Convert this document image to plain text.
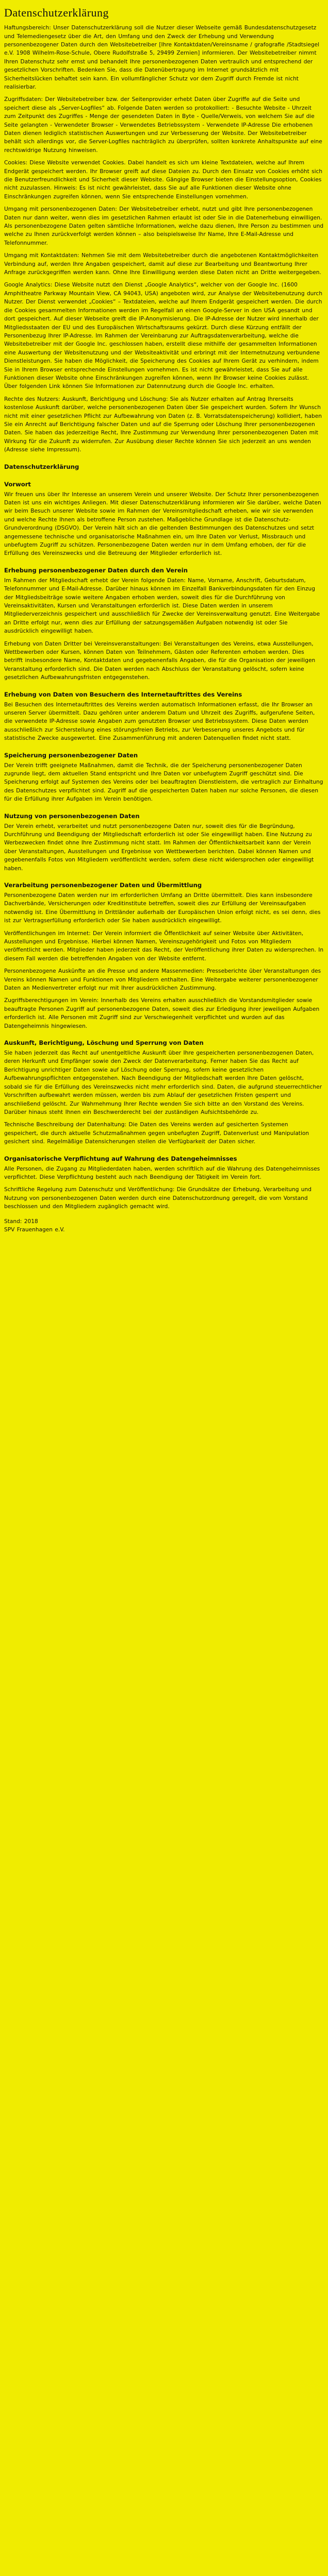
Datenschutzerklärung

Haftungsbereich: Unser Datenschutzerklärung soll die Nutzer dieser Webseite gemäß Bundesdatenschutzgesetz und Telemediengesetz über die Art, den Umfang und den Zweck der Erhebung und Verwendung personenbezogener Daten durch den Websitebetreiber [Ihre Kontaktdaten/Vereinsname / grafografie /Stadtsiegel e.V. 1908 Wilhelm-Rose-Schule, Obere Rudolfstraße 5, 29499 Zernien] informieren. Der Websitebetreiber nimmt Ihren Datenschutz sehr ernst und behandelt Ihre personenbezogenen Daten vertraulich und entsprechend der gesetzlichen Vorschriften. Bedenken Sie, dass die Datenübertragung im Internet grundsätzlich mit Sicherheitslücken behaftet sein kann. Ein vollumfänglicher Schutz vor dem Zugriff durch Fremde ist nicht realisierbar.

Zugriffsdaten: Der Websitebetreiber bzw. der Seitenprovider erhebt Daten über Zugriffe auf die Seite und speichert diese als „Server-Logfiles“ ab. Folgende Daten werden so protokolliert: - Besuchte Website - Uhrzeit zum Zeitpunkt des Zugriffes - Menge der gesendeten Daten in Byte - Quelle/Verweis, von welchem Sie auf die Seite gelangten - Verwendeter Browser - Verwendetes Betriebssystem - Verwendete IP-Adresse Die erhobenen Daten dienen lediglich statistischen Auswertungen und zur Verbesserung der Website. Der Websitebetreiber behält sich allerdings vor, die Server-Logfiles nachträglich zu überprüfen, sollten konkrete Anhaltspunkte auf eine rechtswidrige Nutzung hinweisen.

Cookies: Diese Website verwendet Cookies. Dabei handelt es sich um kleine Textdateien, welche auf Ihrem Endgerät gespeichert werden. Ihr Browser greift auf diese Dateien zu. Durch den Einsatz von Cookies erhöht sich die Benutzerfreundlichkeit und Sicherheit dieser Website. Gängige Browser bieten die Einstellungsoption, Cookies nicht zuzulassen. Hinweis: Es ist nicht gewährleistet, dass Sie auf alle Funktionen dieser Website ohne Einschränkungen zugreifen können, wenn Sie entsprechende Einstellungen vornehmen.

Umgang mit personenbezogenen Daten: Der Websitebetreiber erhebt, nutzt und gibt Ihre personenbezogenen Daten nur dann weiter, wenn dies im gesetzlichen Rahmen erlaubt ist oder Sie in die Datenerhebung einwilligen. Als personenbezogene Daten gelten sämtliche Informationen, welche dazu dienen, Ihre Person zu bestimmen und welche zu Ihnen zurückverfolgt werden können – also beispielsweise Ihr Name, Ihre E-Mail-Adresse und Telefonnummer.

Umgang mit Kontaktdaten: Nehmen Sie mit dem Websitebetreiber durch die angebotenen Kontaktmöglichkeiten Verbindung auf, werden Ihre Angaben gespeichert, damit auf diese zur Bearbeitung und Beantwortung Ihrer Anfrage zurückgegriffen werden kann. Ohne Ihre Einwilligung werden diese Daten nicht an Dritte weitergegeben.

Google Analytics: Diese Website nutzt den Dienst „Google Analytics“, welcher von der Google Inc. (1600 Amphitheatre Parkway Mountain View, CA 94043, USA) angeboten wird, zur Analyse der Websitebenutzung durch Nutzer. Der Dienst verwendet „Cookies“ – Textdateien, welche auf Ihrem Endgerät gespeichert werden. Die durch die Cookies gesammelten Informationen werden im Regelfall an einen Google-Server in den USA gesandt und dort gespeichert. Auf dieser Webseite greift die IP-Anonymisierung. Die IP-Adresse der Nutzer wird innerhalb der Mitgliedsstaaten der EU und des Europäischen Wirtschaftsraums gekürzt. Durch diese Kürzung entfällt der Personenbezug Ihrer IP-Adresse. Im Rahmen der Vereinbarung zur Auftragsdatenverarbeitung, welche die Websitebetreiber mit der Google Inc. geschlossen haben, erstellt diese mithilfe der gesammelten Informationen eine Auswertung der Websitenutzung und der Websiteaktivität und erbringt mit der Internetnutzung verbundene Dienstleistungen. Sie haben die Möglichkeit, die Speicherung des Cookies auf Ihrem Gerät zu verhindern, indem Sie in Ihrem Browser entsprechende Einstellungen vornehmen. Es ist nicht gewährleistet, dass Sie auf alle Funktionen dieser Website ohne Einschränkungen zugreifen können, wenn Ihr Browser keine Cookies zulässt. Über folgenden Link können Sie Informationen zur Datennutzung durch die Google Inc. erhalten.

Rechte des Nutzers: Auskunft, Berichtigung und Löschung: Sie als Nutzer erhalten auf Antrag Ihrerseits kostenlose Auskunft darüber, welche personenbezogenen Daten über Sie gespeichert wurden. Sofern Ihr Wunsch nicht mit einer gesetzlichen Pflicht zur Aufbewahrung von Daten (z. B. Vorratsdatenspeicherung) kollidiert, haben Sie ein Anrecht auf Berichtigung falscher Daten und auf die Sperrung oder Löschung Ihrer personenbezogenen Daten. Sie haben das jederzeitige Recht, Ihre Zustimmung zur Verwendung Ihrer personenbezogenen Daten mit Wirkung für die Zukunft zu widerrufen. Zur Ausübung dieser Rechte können Sie sich jederzeit an uns wenden (Adresse siehe Impressum).

Datenschutzerklärung
Vorwort

Wir freuen uns über Ihr Interesse an unserem Verein und unserer Website. Der Schutz Ihrer personenbezogenen Daten ist uns ein wichtiges Anliegen. Mit dieser Datenschutzerklärung informieren wir Sie darüber, welche Daten wir beim Besuch unserer Website sowie im Rahmen der Vereinsmitgliedschaft erheben, wie wir sie verwenden und welche Rechte Ihnen als betroffene Person zustehen. Maßgebliche Grundlage ist die Datenschutz-Grundverordnung (DSGVO). Der Verein hält sich an die geltenden Bestimmungen des Datenschutzes und setzt angemessene technische und organisatorische Maßnahmen ein, um Ihre Daten vor Verlust, Missbrauch und unbefugtem Zugriff zu schützen. Personenbezogene Daten werden nur in dem Umfang erhoben, der für die Erfüllung des Vereinszwecks und die Betreuung der Mitglieder erforderlich ist.

Erhebung personenbezogener Daten durch den Verein

Im Rahmen der Mitgliedschaft erhebt der Verein folgende Daten: Name, Vorname, Anschrift, Geburtsdatum, Telefonnummer und E-Mail-Adresse. Darüber hinaus können im Einzelfall Bankverbindungsdaten für den Einzug der Mitgliedsbeiträge sowie weitere Angaben erhoben werden, soweit dies für die Durchführung von Vereinsaktivitäten, Kursen und Veranstaltungen erforderlich ist. Diese Daten werden in unserem Mitgliederverzeichnis gespeichert und ausschließlich für Zwecke der Vereinsverwaltung genutzt. Eine Weitergabe an Dritte erfolgt nur, wenn dies zur Erfüllung der satzungsgemäßen Aufgaben notwendig ist oder Sie ausdrücklich eingewilligt haben.

Erhebung von Daten Dritter bei Vereinsveranstaltungen: Bei Veranstaltungen des Vereins, etwa Ausstellungen, Wettbewerben oder Kursen, können Daten von Teilnehmern, Gästen oder Referenten erhoben werden. Dies betrifft insbesondere Name, Kontaktdaten und gegebenenfalls Angaben, die für die Organisation der jeweiligen Veranstaltung erforderlich sind. Die Daten werden nach Abschluss der Veranstaltung gelöscht, sofern keine gesetzlichen Aufbewahrungsfristen entgegenstehen.

Erhebung von Daten von Besuchern des Internetauftrittes des Vereins

Bei Besuchen des Internetauftrittes des Vereins werden automatisch Informationen erfasst, die Ihr Browser an unseren Server übermittelt. Dazu gehören unter anderem Datum und Uhrzeit des Zugriffs, aufgerufene Seiten, die verwendete IP-Adresse sowie Angaben zum genutzten Browser und Betriebssystem. Diese Daten werden ausschließlich zur Sicherstellung eines störungsfreien Betriebs, zur Verbesserung unseres Angebots und für statistische Zwecke ausgewertet. Eine Zusammenführung mit anderen Datenquellen findet nicht statt.

Speicherung personenbezogener Daten

Der Verein trifft geeignete Maßnahmen, damit die Technik, die der Speicherung personenbezogener Daten zugrunde liegt, dem aktuellen Stand entspricht und Ihre Daten vor unbefugtem Zugriff geschützt sind. Die Speicherung erfolgt auf Systemen des Vereins oder bei beauftragten Dienstleistern, die vertraglich zur Einhaltung des Datenschutzes verpflichtet sind. Zugriff auf die gespeicherten Daten haben nur solche Personen, die diesen für die Erfüllung ihrer Aufgaben im Verein benötigen.

Nutzung von personenbezogenen Daten

Der Verein erhebt, verarbeitet und nutzt personenbezogene Daten nur, soweit dies für die Begründung, Durchführung und Beendigung der Mitgliedschaft erforderlich ist oder Sie eingewilligt haben. Eine Nutzung zu Werbezwecken findet ohne Ihre Zustimmung nicht statt. Im Rahmen der Öffentlichkeitsarbeit kann der Verein über Veranstaltungen, Ausstellungen und Ergebnisse von Wettbewerben berichten. Dabei können Namen und gegebenenfalls Fotos von Mitgliedern veröffentlicht werden, sofern diese nicht widersprochen oder eingewilligt haben.

Verarbeitung personenbezogener Daten und Übermittlung

Personenbezogene Daten werden nur im erforderlichen Umfang an Dritte übermittelt. Dies kann insbesondere Dachverbände, Versicherungen oder Kreditinstitute betreffen, soweit dies zur Erfüllung der Vereinsaufgaben notwendig ist. Eine Übermittlung in Drittländer außerhalb der Europäischen Union erfolgt nicht, es sei denn, dies ist zur Vertragserfüllung erforderlich oder Sie haben ausdrücklich eingewilligt.

Veröffentlichungen im Internet: Der Verein informiert die Öffentlichkeit auf seiner Website über Aktivitäten, Ausstellungen und Ergebnisse. Hierbei können Namen, Vereinszugehörigkeit und Fotos von Mitgliedern veröffentlicht werden. Mitglieder haben jederzeit das Recht, der Veröffentlichung ihrer Daten zu widersprechen. In diesem Fall werden die betreffenden Angaben von der Website entfernt.

Personenbezogene Auskünfte an die Presse und andere Massenmedien: Presseberichte über Veranstaltungen des Vereins können Namen und Funktionen von Mitgliedern enthalten. Eine Weitergabe weiterer personenbezogener Daten an Medienvertreter erfolgt nur mit Ihrer ausdrücklichen Zustimmung.

Zugriffsberechtigungen im Verein: Innerhalb des Vereins erhalten ausschließlich die Vorstandsmitglieder sowie beauftragte Personen Zugriff auf personenbezogene Daten, soweit dies zur Erledigung ihrer jeweiligen Aufgaben erforderlich ist. Alle Personen mit Zugriff sind zur Verschwiegenheit verpflichtet und wurden auf das Datengeheimnis hingewiesen.

Auskunft, Berichtigung, Löschung und Sperrung von Daten

Sie haben jederzeit das Recht auf unentgeltliche Auskunft über Ihre gespeicherten personenbezogenen Daten, deren Herkunft und Empfänger sowie den Zweck der Datenverarbeitung. Ferner haben Sie das Recht auf Berichtigung unrichtiger Daten sowie auf Löschung oder Sperrung, sofern keine gesetzlichen Aufbewahrungspflichten entgegenstehen. Nach Beendigung der Mitgliedschaft werden Ihre Daten gelöscht, sobald sie für die Erfüllung des Vereinszwecks nicht mehr erforderlich sind. Daten, die aufgrund steuerrechtlicher Vorschriften aufbewahrt werden müssen, werden bis zum Ablauf der gesetzlichen Fristen gesperrt und anschließend gelöscht. Zur Wahrnehmung Ihrer Rechte wenden Sie sich bitte an den Vorstand des Vereins. Darüber hinaus steht Ihnen ein Beschwerderecht bei der zuständigen Aufsichtsbehörde zu.

Technische Beschreibung der Datenhaltung: Die Daten des Vereins werden auf gesicherten Systemen gespeichert, die durch aktuelle Schutzmaßnahmen gegen unbefugten Zugriff, Datenverlust und Manipulation gesichert sind. Regelmäßige Datensicherungen stellen die Verfügbarkeit der Daten sicher.

Organisatorische Verpflichtung auf Wahrung des Datengeheimnisses

Alle Personen, die Zugang zu Mitgliederdaten haben, werden schriftlich auf die Wahrung des Datengeheimnisses verpflichtet. Diese Verpflichtung besteht auch nach Beendigung der Tätigkeit im Verein fort.

Schriftliche Regelung zum Datenschutz und Veröffentlichung: Die Grundsätze der Erhebung, Verarbeitung und Nutzung von personenbezogenen Daten werden durch eine Datenschutzordnung geregelt, die vom Vorstand beschlossen und den Mitgliedern zugänglich gemacht wird.

Stand: 2018

SPV Frauenhagen e.V.
